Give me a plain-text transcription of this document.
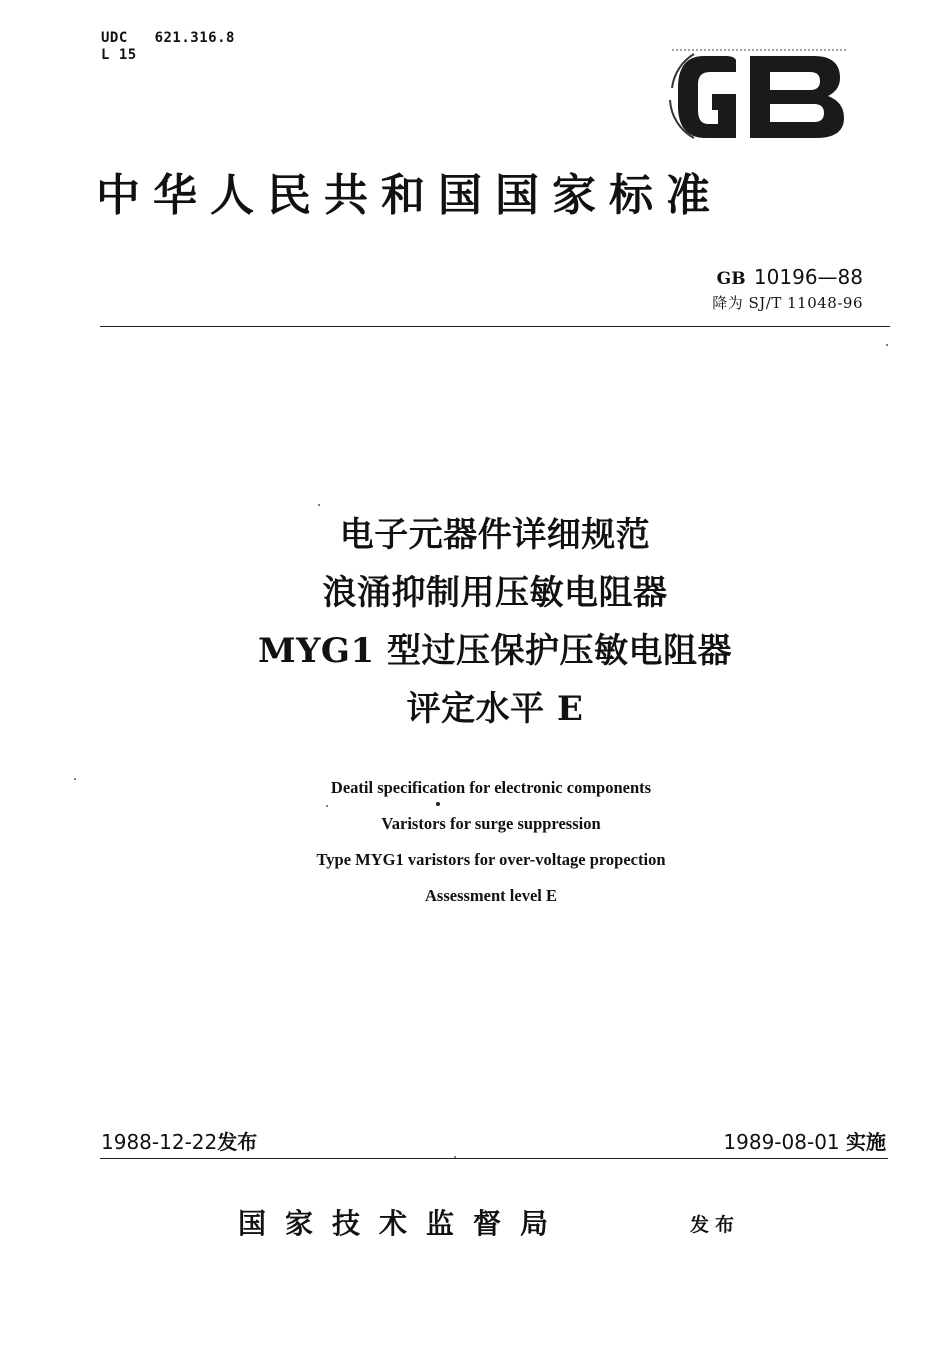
UDC   621.316.8
L 15
中华人民共和国国家标准
GB 10196—88
降为 SJ/T 11048-96
电子元器件详细规范
浪涌抑制用压敏电阻器
MYG1 型过压保护压敏电阻器
评定水平 E
Deatil specification for electronic components
Varistors for surge suppression
Type MYG1 varistors for over-voltage propection
Assessment level E
1988-12-22发布	1989-08-01 实施
国家技术监督局	发布
